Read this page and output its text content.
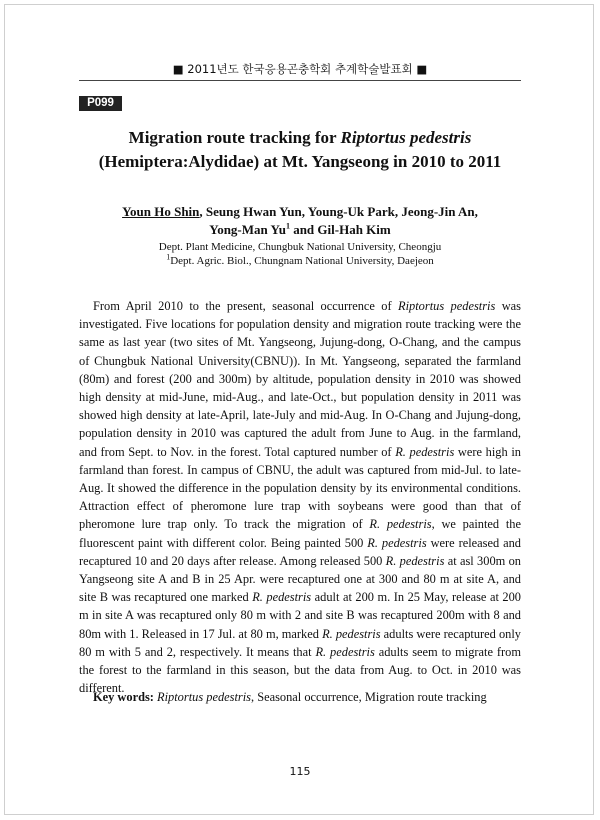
■ 2011년도 한국응용곤충학회 추계학술발표회 ■
P099
Migration route tracking for Riptortus pedestris
(Hemiptera:Alydidae) at Mt. Yangseong in 2010 to 2011
Youn Ho Shin, Seung Hwan Yun, Young-Uk Park, Jeong-Jin An,
Yong-Man Yu$^1$ and Gil-Hah Kim
Dept. Plant Medicine, Chungbuk National University, Cheongju
$^1$Dept. Agric. Biol., Chungnam National University, Daejeon

From April 2010 to the present, seasonal occurrence of Riptortus pedestris was investigated. Five locations for population density and migration route tracking were the same as last year (two sites of Mt. Yangseong, Jujung-dong, O-Chang, and the campus of Chungbuk National University(CBNU)). In Mt. Yangseong, separated the farmland (80m) and forest (200 and 300m) by altitude, population density in 2010 was showed high density at mid-June, mid-Aug., and late-Oct., but population density in 2011 was showed high density at late-April, late-July and mid-Aug. In O-Chang and Jujung-dong, population density in 2010 was captured the adult from June to Aug. in the farmland, and from Sept. to Nov. in the forest. Total captured number of R. pedestris were high in farmland than forest. In campus of CBNU, the adult was captured from mid-Jul. to late-Aug. It showed the difference in the population density by its environmental conditions. Attraction effect of pheromone lure trap with soybeans were good than that of pheromone lure trap only. To track the migration of R. pedestris, we painted the fluorescent paint with different color. Being painted 500 R. pedestris were released and recaptured 10 and 20 days after release. Among released 500 R. pedestris at asl 300m on Yangseong site A and B in 25 Apr. were recaptured one at 300 and 80 m at site A, and site B was recaptured one marked R. pedestris adult at 200 m. In 25 May, release at 200 m in site A was recaptured only 80 m with 2 and site B was recaptured 200m with 8 and 80m with 1. Released in 17 Jul. at 80 m, marked R. pedestris adults were recaptured only 80 m with 5 and 2, respectively. It means that R. pedestris adults seem to migrate from the forest to the farmland in this season, but the data from Aug. to Oct. in 2010 was different.

Key words: Riptortus pedestris, Seasonal occurrence, Migration route tracking
115
